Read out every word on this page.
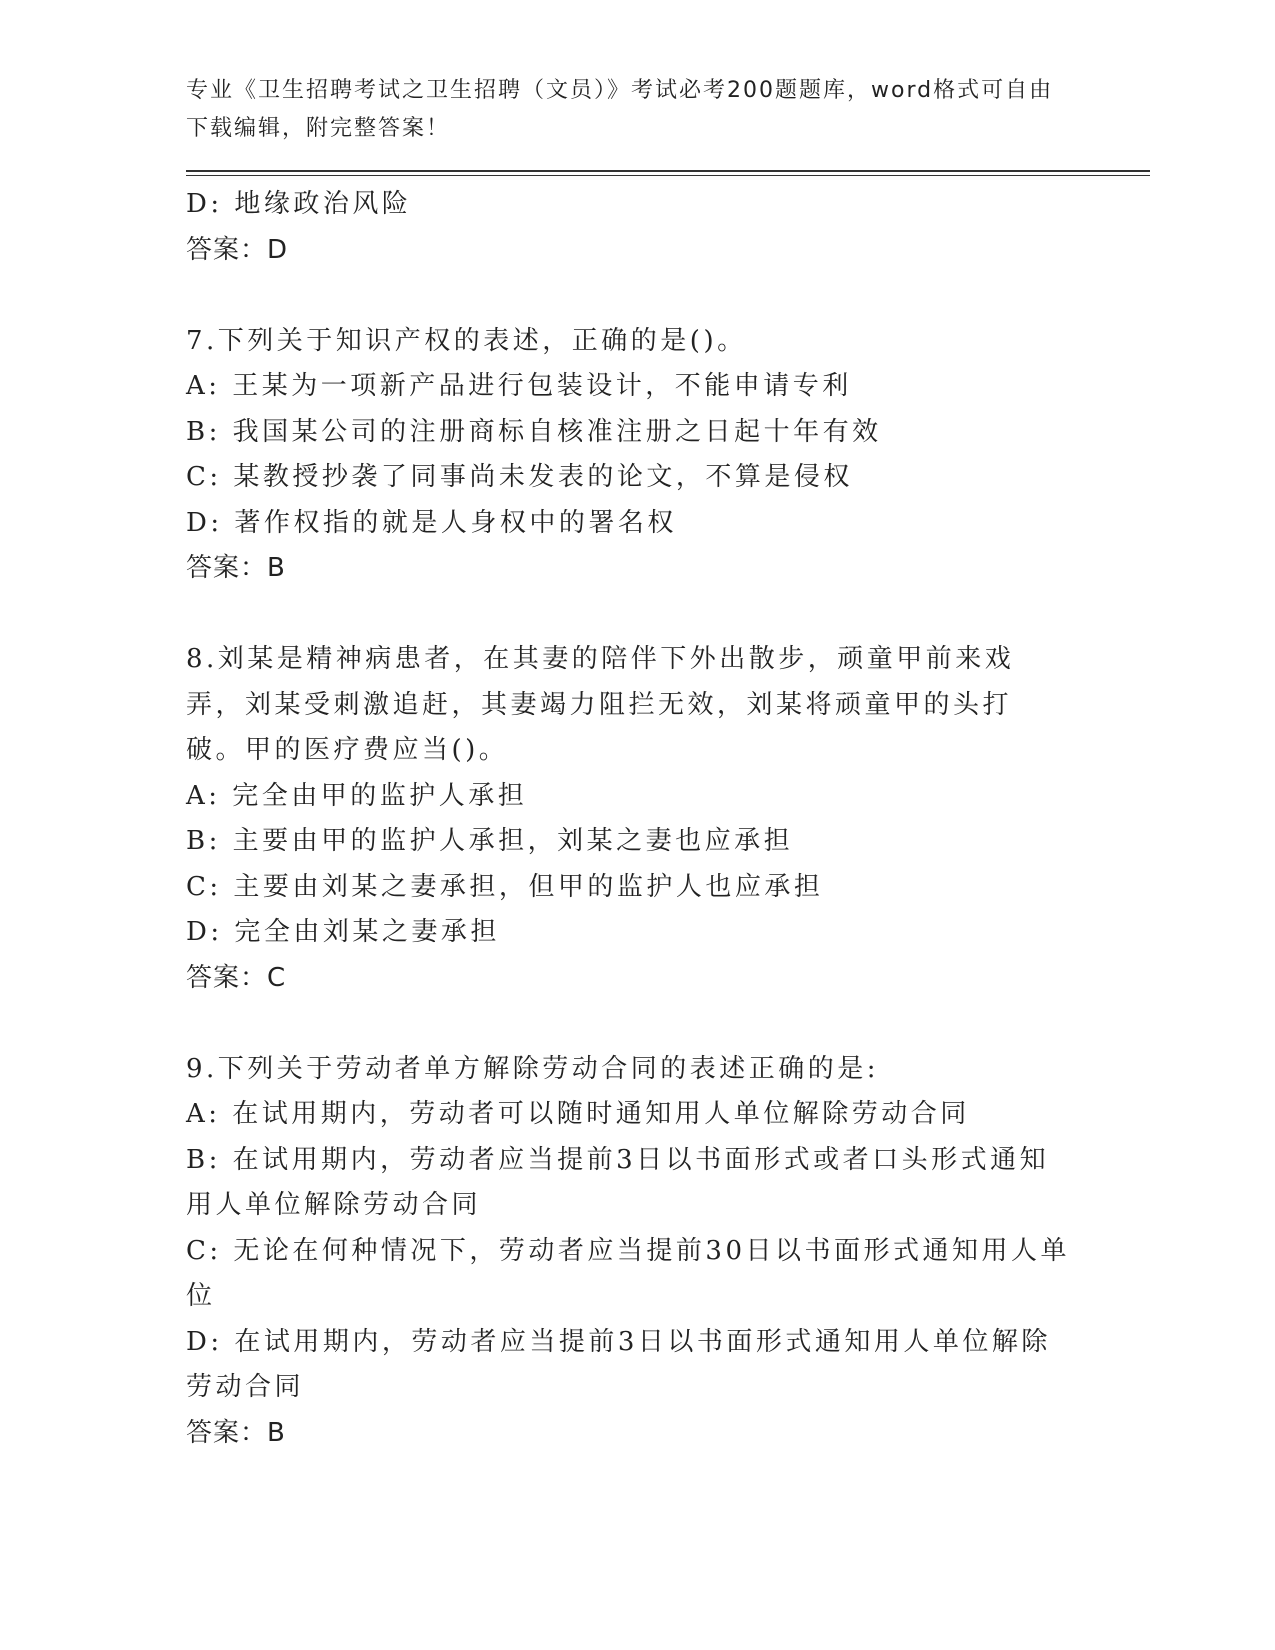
专业《卫生招聘考试之卫生招聘（文员）》考试必考200题题库，word格式可自由下载编辑，附完整答案！
D: 地缘政治风险
答案：D
7.下列关于知识产权的表述，正确的是()。
A: 王某为一项新产品进行包装设计，不能申请专利
B: 我国某公司的注册商标自核准注册之日起十年有效
C: 某教授抄袭了同事尚未发表的论文，不算是侵权
D: 著作权指的就是人身权中的署名权
答案：B
8.刘某是精神病患者，在其妻的陪伴下外出散步，顽童甲前来戏弄，刘某受刺激追赶，其妻竭力阻拦无效，刘某将顽童甲的头打破。甲的医疗费应当()。
A: 完全由甲的监护人承担
B: 主要由甲的监护人承担，刘某之妻也应承担
C: 主要由刘某之妻承担，但甲的监护人也应承担
D: 完全由刘某之妻承担
答案：C
9.下列关于劳动者单方解除劳动合同的表述正确的是:
A: 在试用期内，劳动者可以随时通知用人单位解除劳动合同
B: 在试用期内，劳动者应当提前3日以书面形式或者口头形式通知用人单位解除劳动合同
C: 无论在何种情况下，劳动者应当提前30日以书面形式通知用人单位
D: 在试用期内，劳动者应当提前3日以书面形式通知用人单位解除劳动合同
答案：B
